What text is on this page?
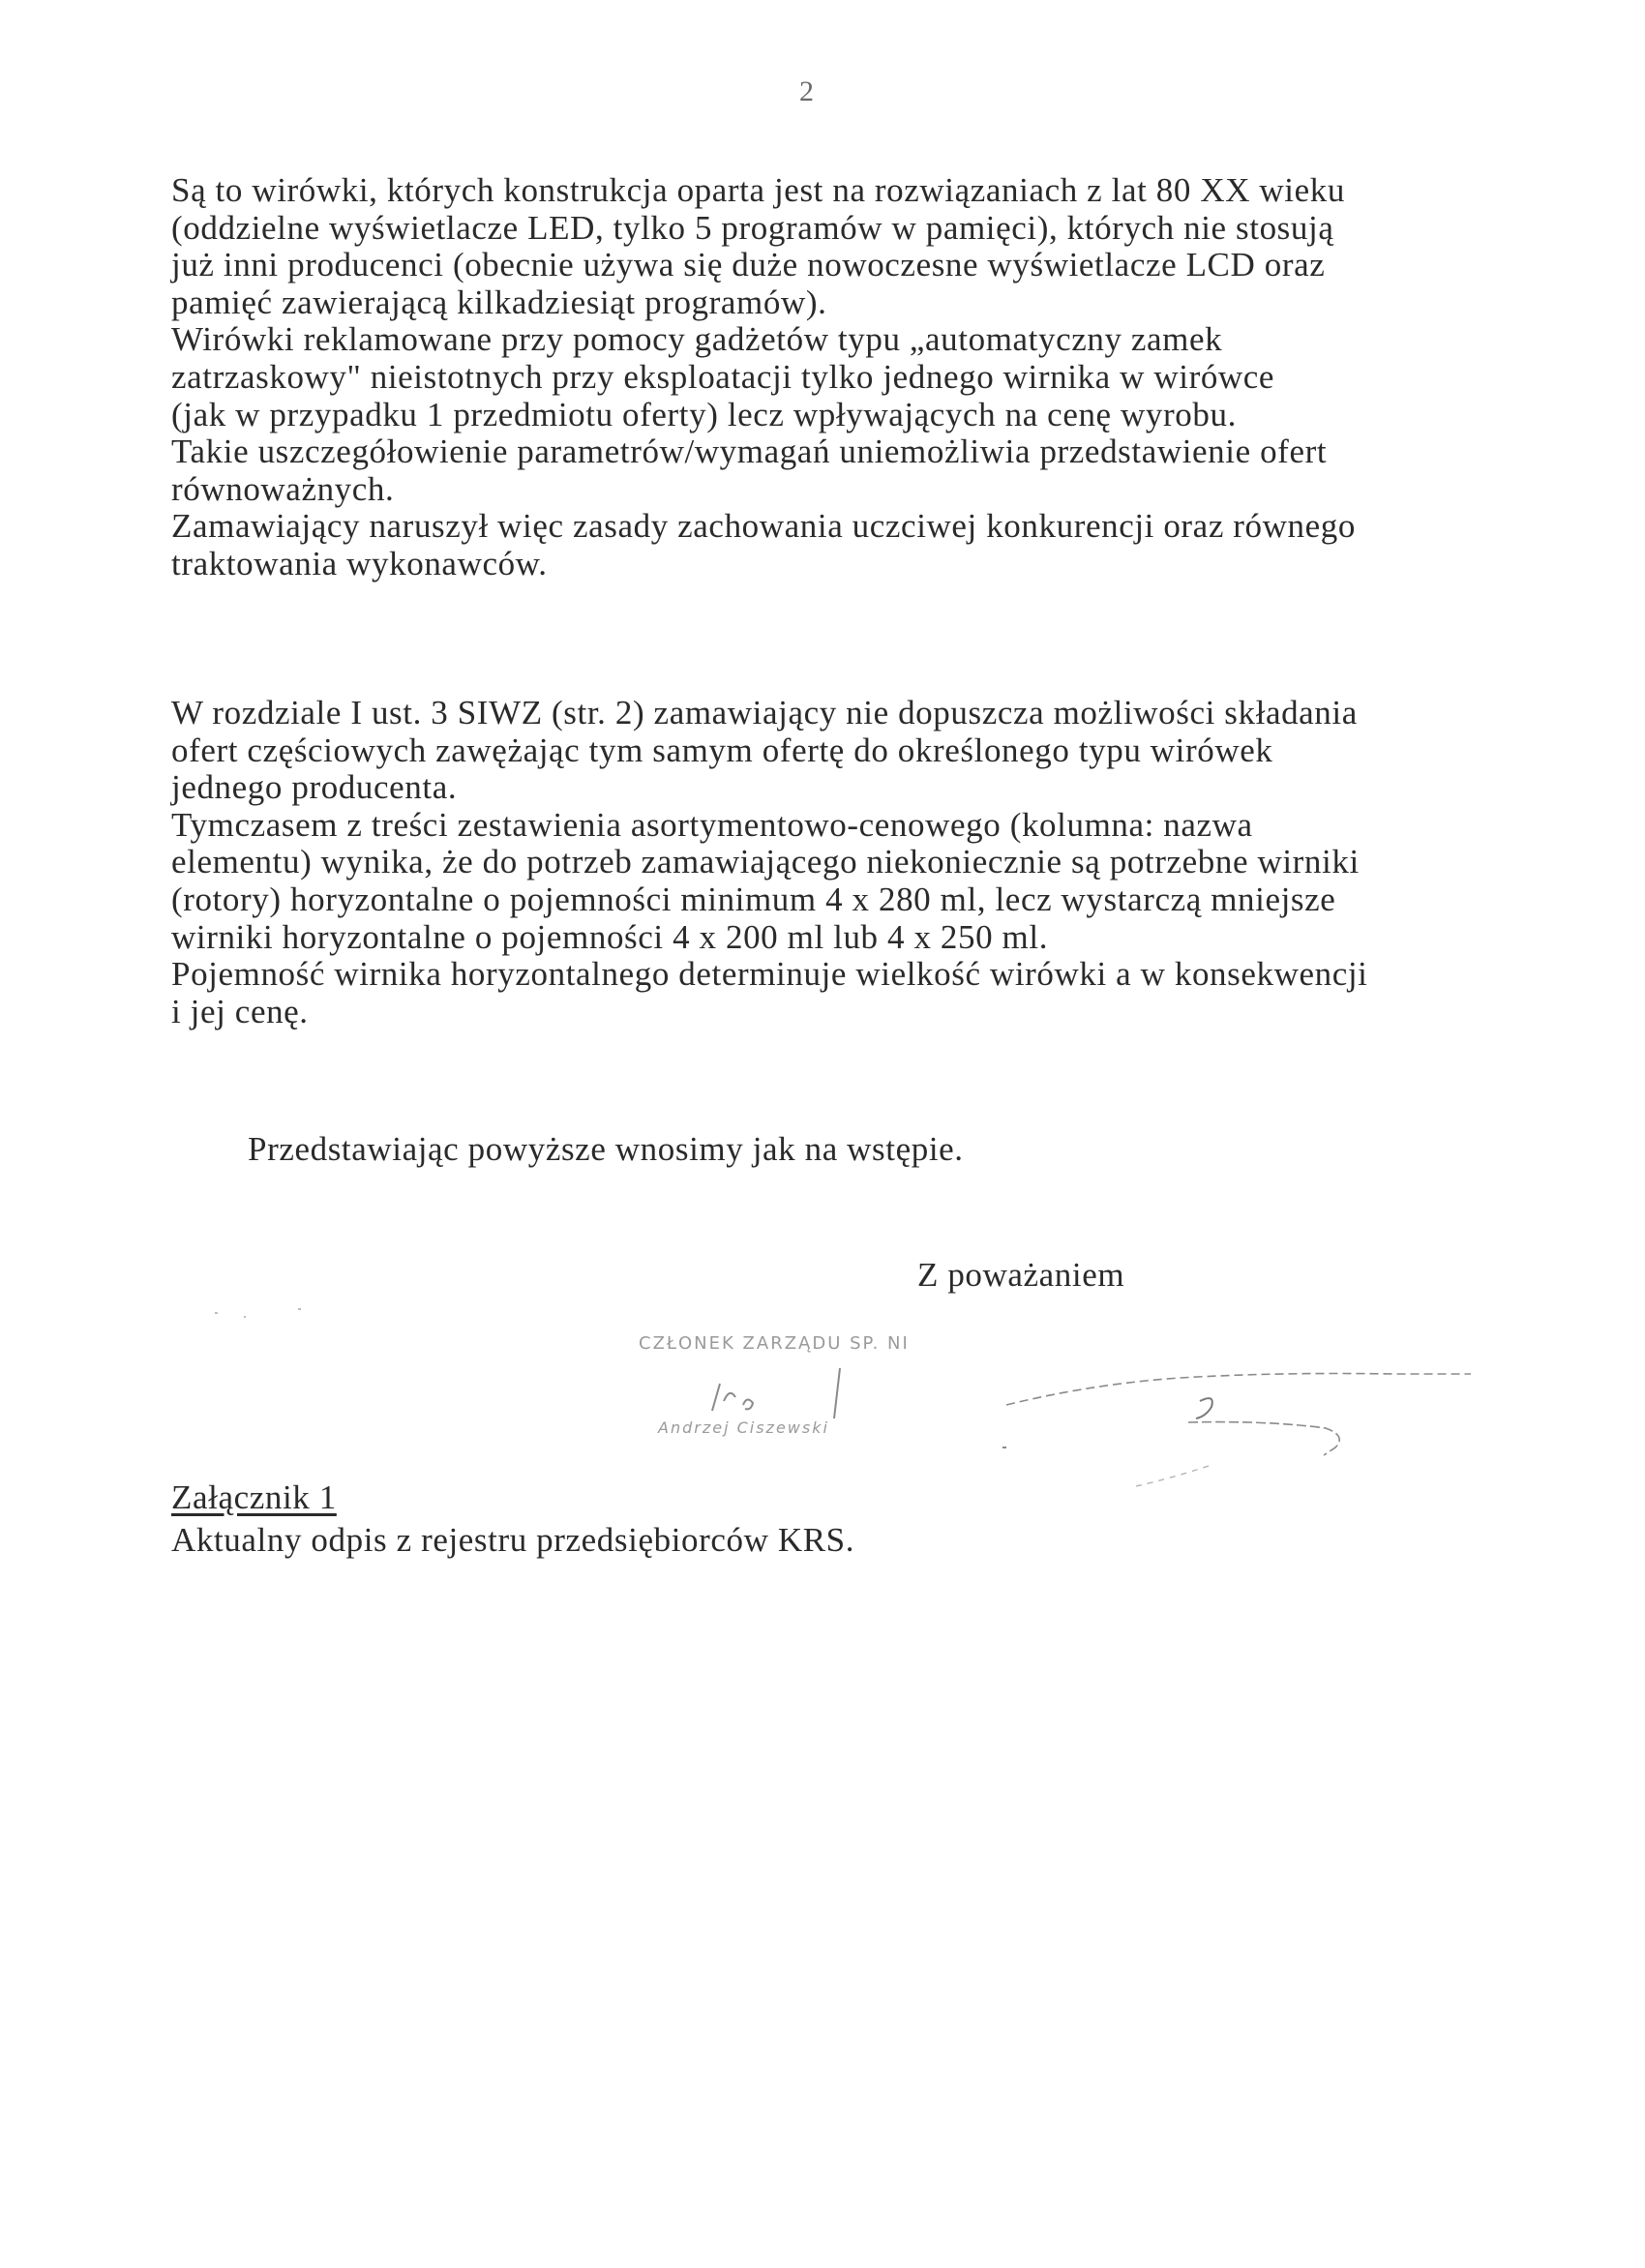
2

Są to wirówki, których konstrukcja oparta jest na rozwiązaniach z lat 80 XX wieku
(oddzielne wyświetlacze LED, tylko 5 programów w pamięci), których nie stosują
już inni producenci (obecnie używa się duże nowoczesne wyświetlacze LCD oraz
pamięć zawierającą kilkadziesiąt programów).
Wirówki reklamowane przy pomocy gadżetów typu „automatyczny zamek
zatrzaskowy" nieistotnych przy eksploatacji tylko jednego wirnika w wirówce
(jak w przypadku 1 przedmiotu oferty) lecz wpływających na cenę wyrobu.
Takie uszczegółowienie parametrów/wymagań uniemożliwia przedstawienie ofert
równoważnych.
Zamawiający naruszył więc zasady zachowania uczciwej konkurencji oraz równego
traktowania wykonawców.

W rozdziale I ust. 3 SIWZ (str. 2) zamawiający nie dopuszcza możliwości składania
ofert częściowych zawężając tym samym ofertę do określonego typu wirówek
jednego producenta.
Tymczasem z treści zestawienia asortymentowo-cenowego (kolumna: nazwa
elementu) wynika, że do potrzeb zamawiającego niekoniecznie są potrzebne wirniki
(rotory) horyzontalne o pojemności minimum 4 x 280 ml, lecz wystarczą mniejsze
wirniki horyzontalne o pojemności 4 x 200 ml lub 4 x 250 ml.
Pojemność wirnika horyzontalnego determinuje wielkość wirówki a w konsekwencji
i jej cenę.

Przedstawiając powyższe wnosimy jak na wstępie.
Z poważaniem
CZŁONEK ZARZĄDU SP. NI
Andrzej Ciszewski
Załącznik 1
Aktualny odpis z rejestru przedsiębiorców KRS.
